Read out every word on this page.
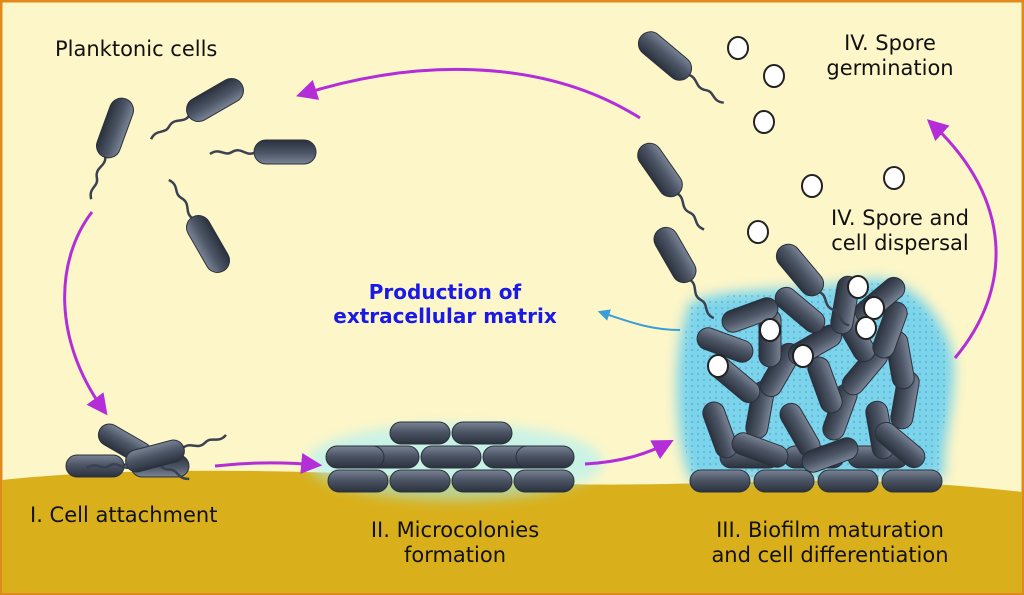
Planktonic cells
I. Cell attachment
II. Microcolonies
formation
III. Biofilm maturation
and cell differentiation
IV. Spore and
cell dispersal
IV. Spore
germination
Production of
extracellular matrix
